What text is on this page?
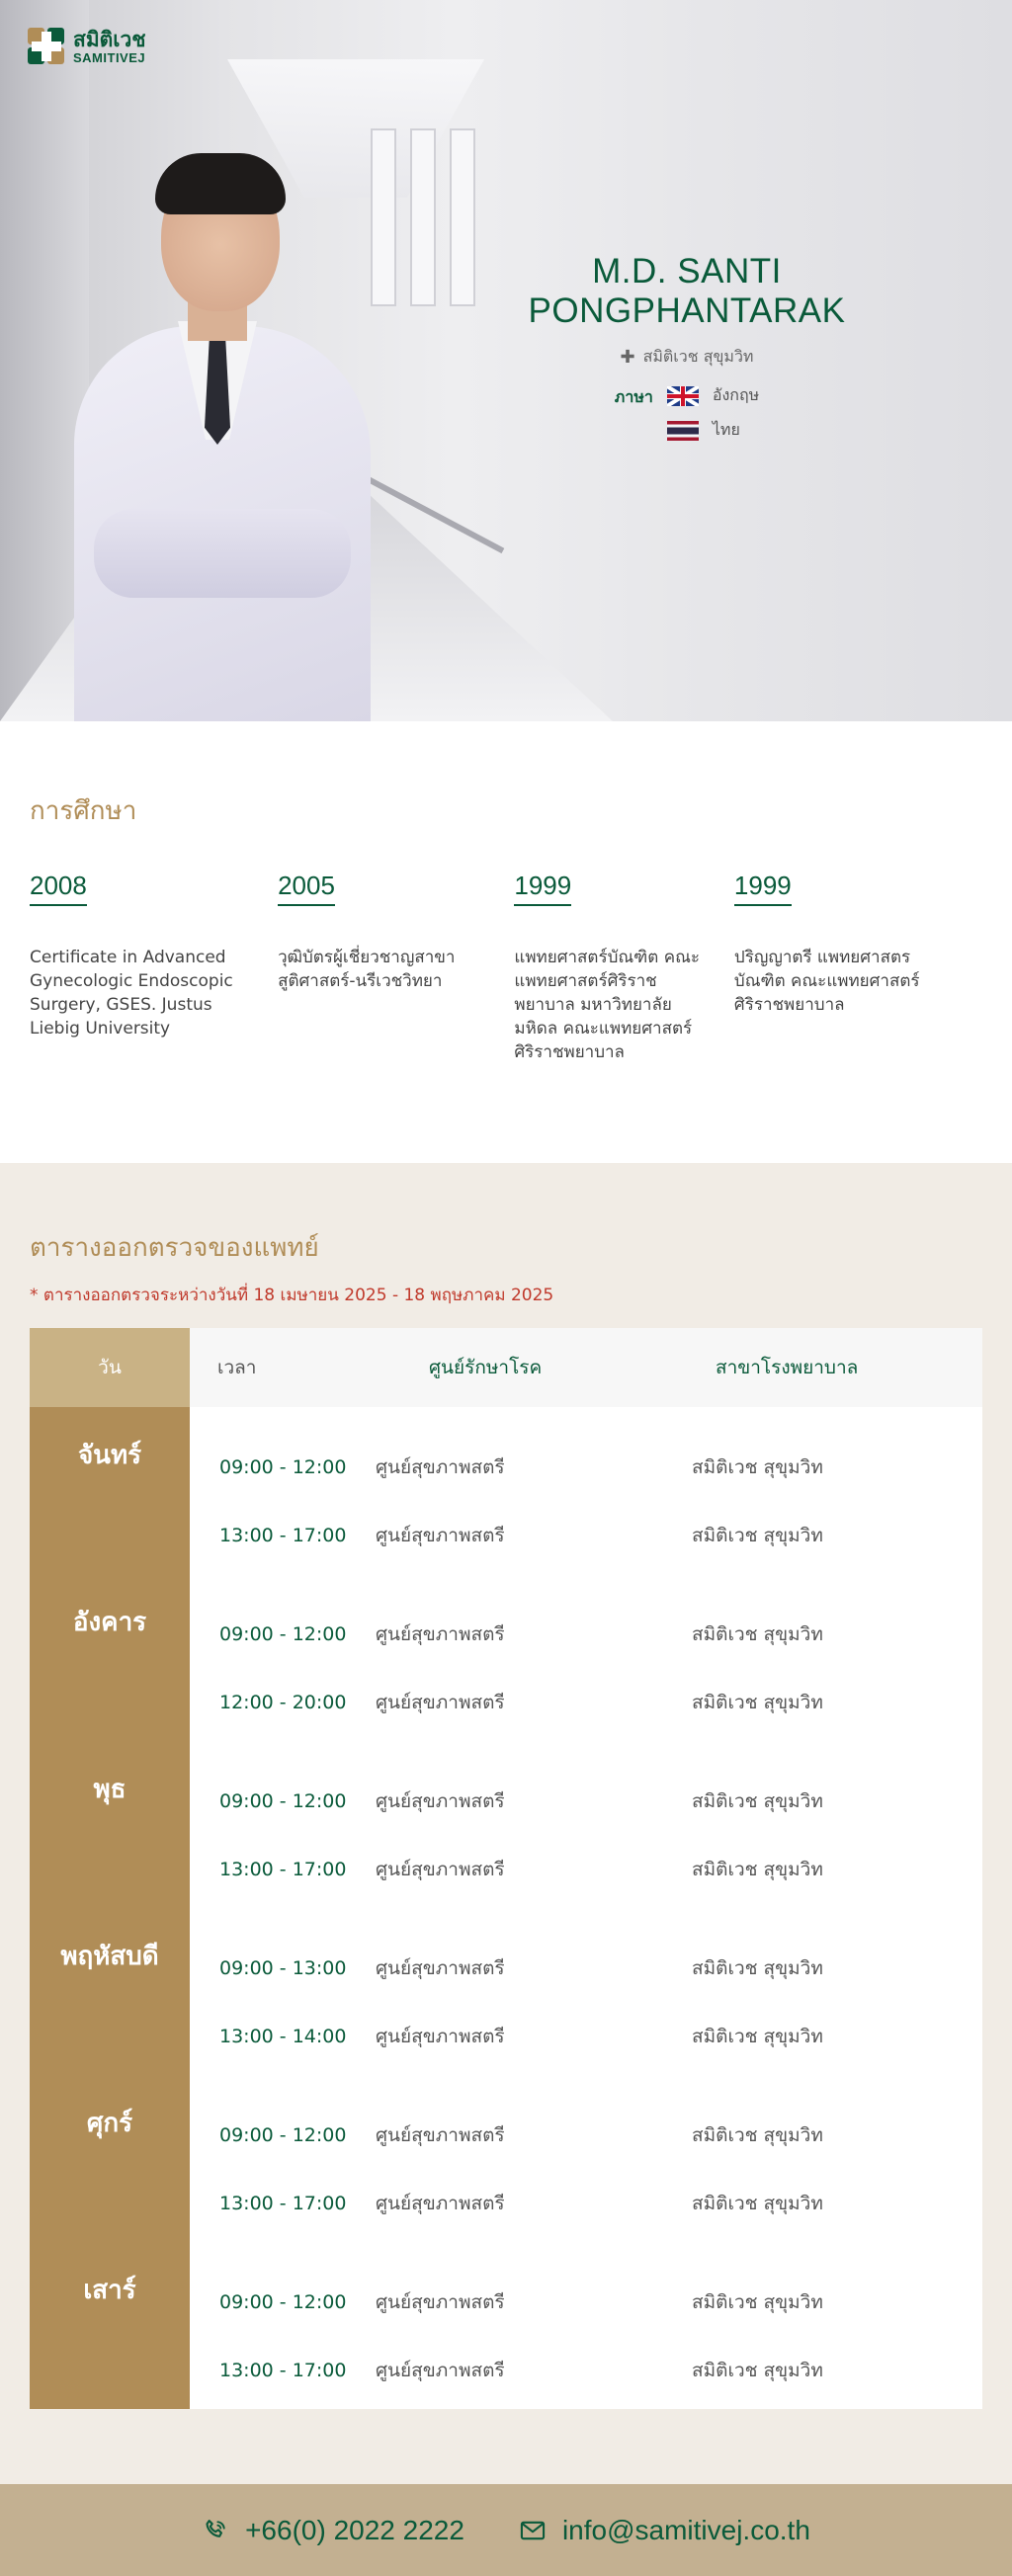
สมิติเวช
SAMITIVEJ
M.D. SANTI
PONGPHANTARAK
✚ สมิติเวช สุขุมวิท
ภาษา	อังกฤษ
ไทย
การศึกษา
2008
Certificate in Advanced Gynecologic Endoscopic Surgery, GSES. Justus Liebig University
2005
วุฒิบัตรผู้เชี่ยวชาญสาขาสูติศาสตร์-นรีเวชวิทยา
1999
แพทยศาสตร์บัณฑิต คณะแพทยศาสตร์ศิริราชพยาบาล มหาวิทยาลัยมหิดล คณะแพทยศาสตร์ศิริราชพยาบาล
1999
ปริญญาตรี แพทยศาสตรบัณฑิต คณะแพทยศาสตร์ศิริราชพยาบาล
ตารางออกตรวจของแพทย์
* ตารางออกตรวจระหว่างวันที่ 18 เมษายน 2025 - 18 พฤษภาคม 2025
วัน	เวลา	ศูนย์รักษาโรค	สาขาโรงพยาบาล
จันทร์	09:00 - 12:00	ศูนย์สุขภาพสตรี	สมิติเวช สุขุมวิท
13:00 - 17:00	ศูนย์สุขภาพสตรี	สมิติเวช สุขุมวิท
อังคาร	09:00 - 12:00	ศูนย์สุขภาพสตรี	สมิติเวช สุขุมวิท
12:00 - 20:00	ศูนย์สุขภาพสตรี	สมิติเวช สุขุมวิท
พุธ	09:00 - 12:00	ศูนย์สุขภาพสตรี	สมิติเวช สุขุมวิท
13:00 - 17:00	ศูนย์สุขภาพสตรี	สมิติเวช สุขุมวิท
พฤหัสบดี	09:00 - 13:00	ศูนย์สุขภาพสตรี	สมิติเวช สุขุมวิท
13:00 - 14:00	ศูนย์สุขภาพสตรี	สมิติเวช สุขุมวิท
ศุกร์	09:00 - 12:00	ศูนย์สุขภาพสตรี	สมิติเวช สุขุมวิท
13:00 - 17:00	ศูนย์สุขภาพสตรี	สมิติเวช สุขุมวิท
เสาร์	09:00 - 12:00	ศูนย์สุขภาพสตรี	สมิติเวช สุขุมวิท
13:00 - 17:00	ศูนย์สุขภาพสตรี	สมิติเวช สุขุมวิท
+66(0) 2022 2222	info@samitivej.co.th
